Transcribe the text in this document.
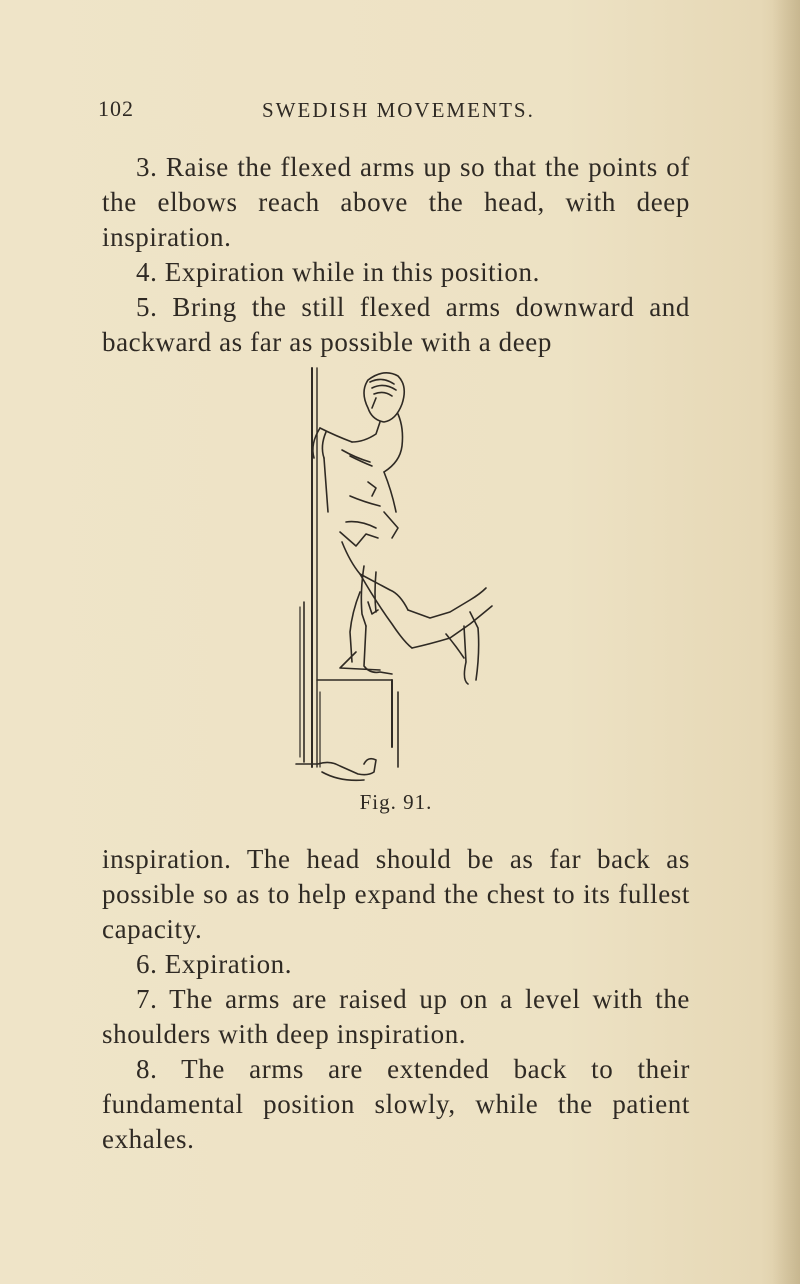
102	SWEDISH MOVEMENTS.

3. Raise the flexed arms up so that the points of the elbows reach above the head, with deep inspiration.

4. Expiration while in this position.

5. Bring the still flexed arms downward and backward as far as possible with a deep

Fig. 91.

inspiration. The head should be as far back as possible so as to help expand the chest to its fullest capacity.

6. Expiration.

7. The arms are raised up on a level with the shoulders with deep inspiration.

8. The arms are extended back to their fundamental position slowly, while the patient exhales.
